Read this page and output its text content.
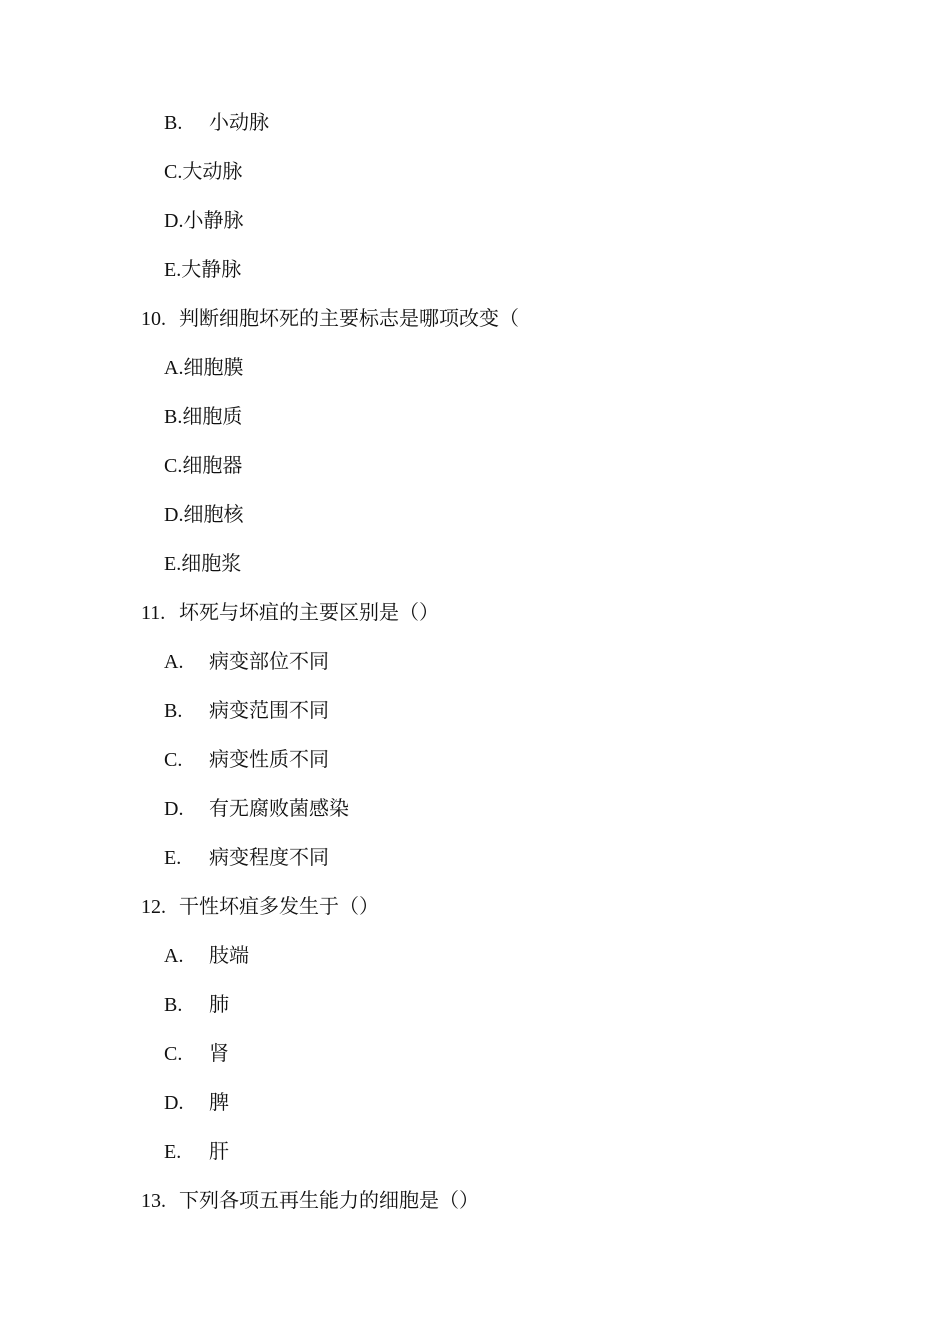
B. 小动脉
C.大动脉
D.小静脉
E.大静脉
10. 判断细胞坏死的主要标志是哪项改变（
A.细胞膜
B.细胞质
C.细胞器
D.细胞核
E.细胞浆
11. 坏死与坏疽的主要区别是（）
A. 病变部位不同
B. 病变范围不同
C. 病变性质不同
D. 有无腐败菌感染
E. 病变程度不同
12. 干性坏疽多发生于（）
A. 肢端
B. 肺
C. 肾
D. 脾
E. 肝
13. 下列各项五再生能力的细胞是（）
